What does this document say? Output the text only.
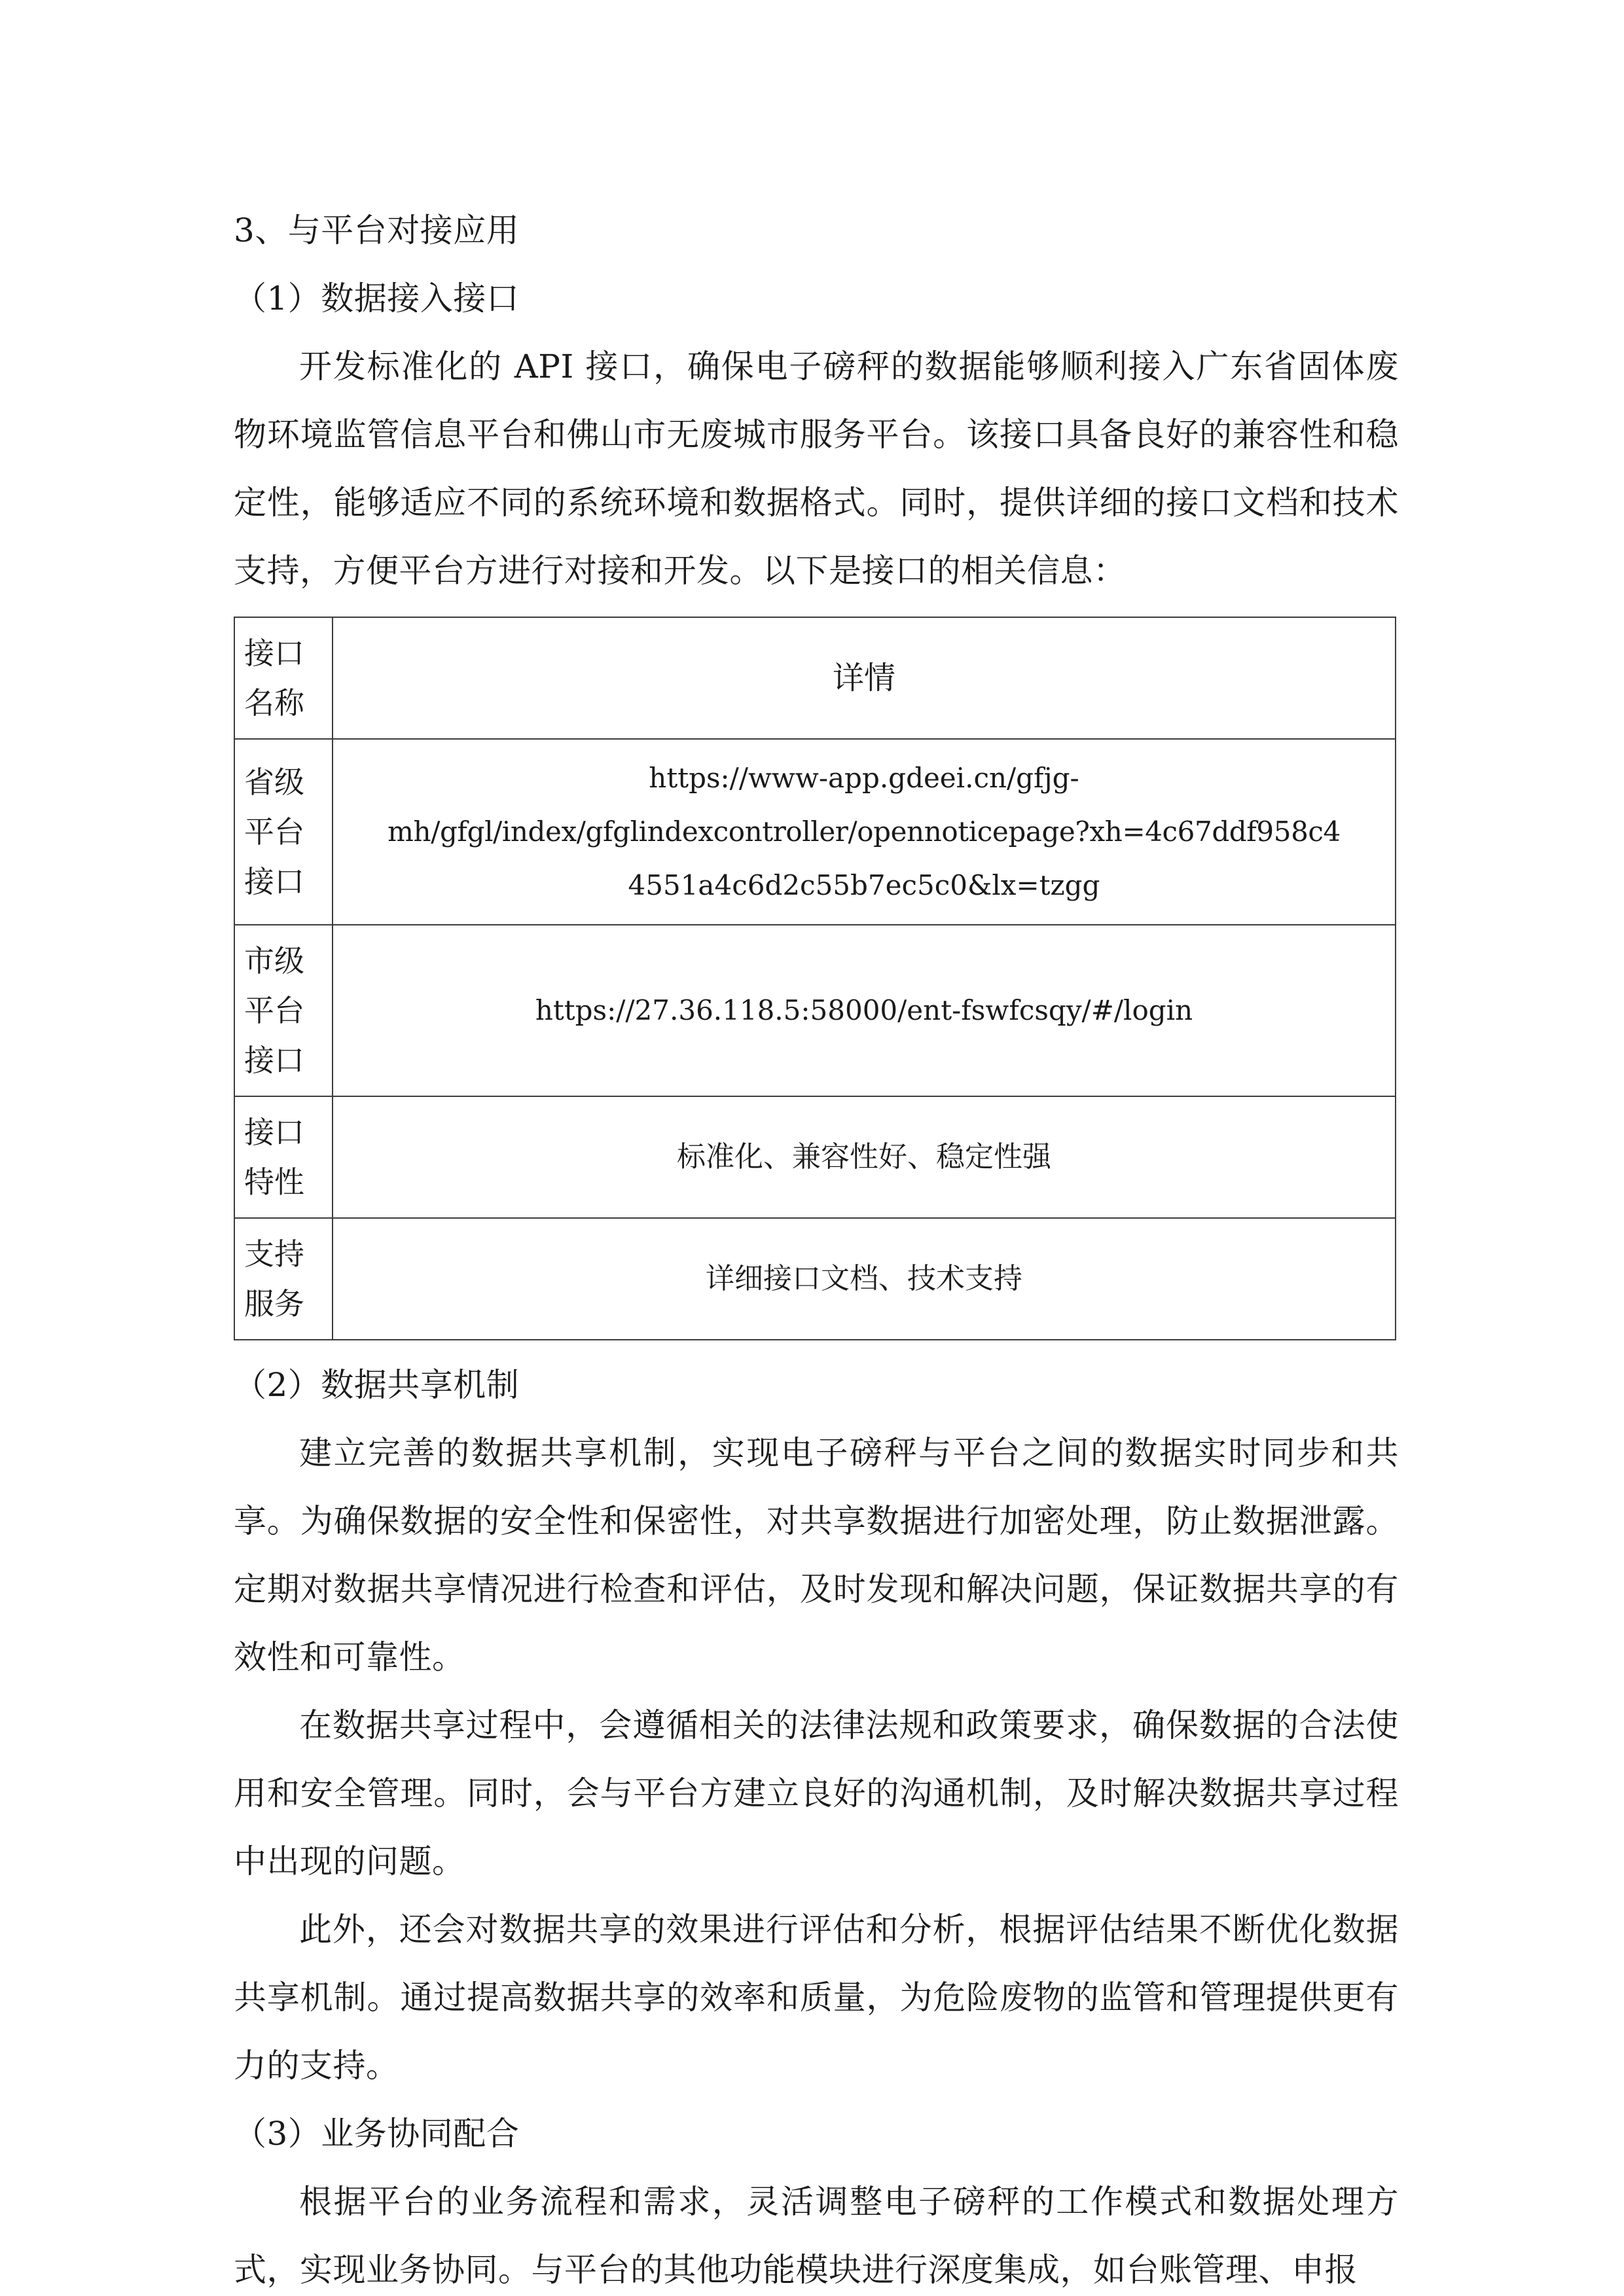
3、与平台对接应用

（1）数据接入接口

开发标准化的 API 接口，确保电子磅秤的数据能够顺利接入广东省固体废物环境监管信息平台和佛山市无废城市服务平台。该接口具备良好的兼容性和稳定性，能够适应不同的系统环境和数据格式。同时，提供详细的接口文档和技术支持，方便平台方进行对接和开发。以下是接口的相关信息：

接口名称	详情

省级平台接口	https://www-app.gdeei.cn/gfjg-
mh/gfgl/index/gfglindexcontroller/opennoticepage?xh=4c67ddf958c4
4551a4c6d2c55b7ec5c0&lx=tzgg

市级平台接口	https://27.36.118.5:58000/ent-fswfcsqy/#/login

接口特性	标准化、兼容性好、稳定性强

支持服务	详细接口文档、技术支持

（2）数据共享机制

建立完善的数据共享机制，实现电子磅秤与平台之间的数据实时同步和共享。为确保数据的安全性和保密性，对共享数据进行加密处理，防止数据泄露。定期对数据共享情况进行检查和评估，及时发现和解决问题，保证数据共享的有效性和可靠性。

在数据共享过程中，会遵循相关的法律法规和政策要求，确保数据的合法使用和安全管理。同时，会与平台方建立良好的沟通机制，及时解决数据共享过程中出现的问题。

此外，还会对数据共享的效果进行评估和分析，根据评估结果不断优化数据共享机制。通过提高数据共享的效率和质量，为危险废物的监管和管理提供更有力的支持。

（3）业务协同配合

根据平台的业务流程和需求，灵活调整电子磅秤的工作模式和数据处理方式，实现业务协同。与平台的其他功能模块进行深度集成，如台账管理、申报
